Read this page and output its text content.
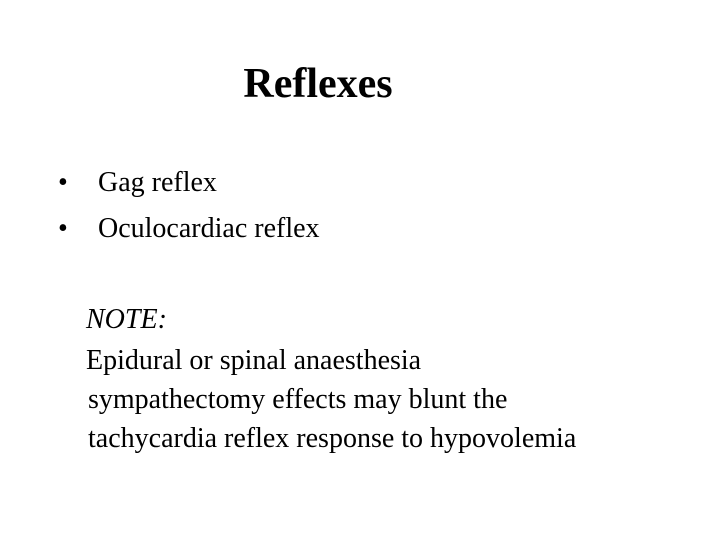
Reflexes
•	Gag reflex
•	Oculocardiac reflex
NOTE:

Epidural or spinal anaesthesia
sympathectomy effects may blunt the
tachycardia reflex response to hypovolemia
